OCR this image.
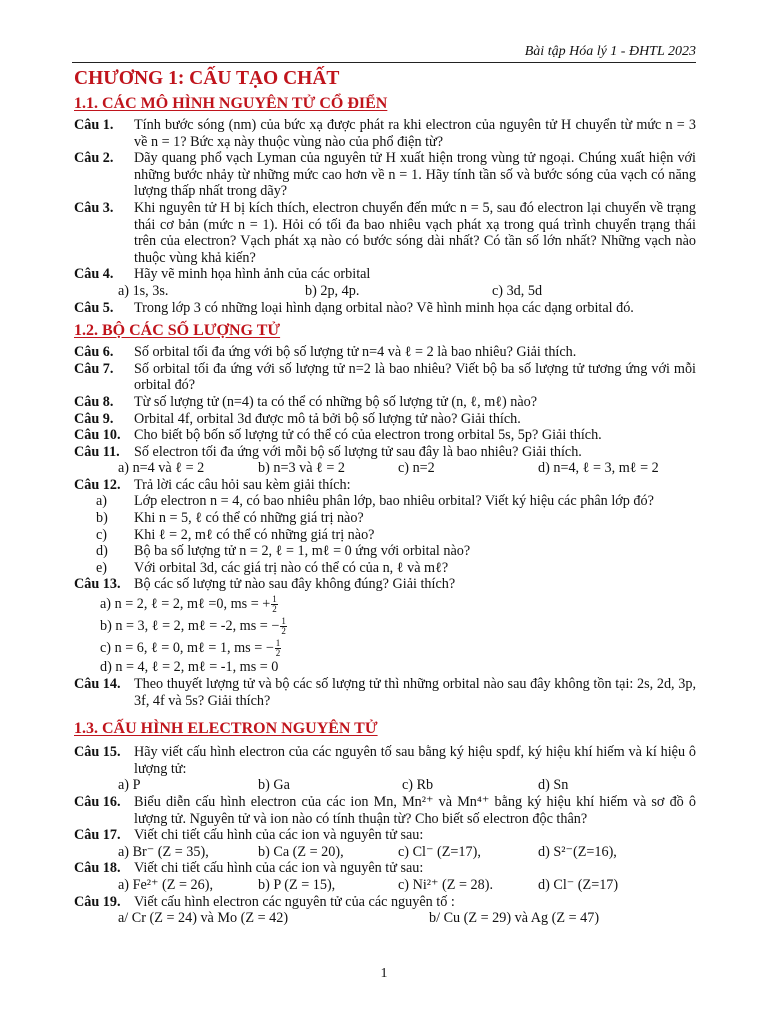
Bài tập Hóa lý 1 - ĐHTL 2023
CHƯƠNG 1: CẤU TẠO CHẤT
1.1. CÁC MÔ HÌNH NGUYÊN TỬ CỔ ĐIỂN
Câu 1.	Tính bước sóng (nm) của bức xạ được phát ra khi electron của nguyên tử H chuyển từ mức n = 3 về n = 1? Bức xạ này thuộc vùng nào của phổ điện từ?
Câu 2.	Dãy quang phổ vạch Lyman của nguyên tử H xuất hiện trong vùng tử ngoại. Chúng xuất hiện với những bước nhảy từ những mức cao hơn về n = 1. Hãy tính tần số và bước sóng của vạch có năng lượng thấp nhất trong dãy?
Câu 3.	Khi nguyên tử H bị kích thích, electron chuyển đến mức n = 5, sau đó electron lại chuyển về trạng thái cơ bản (mức n = 1). Hỏi có tối đa bao nhiêu vạch phát xạ trong quá trình chuyển trạng thái trên của electron? Vạch phát xạ nào có bước sóng dài nhất? Có tần số lớn nhất? Những vạch nào thuộc vùng khả kiến?
Câu 4.	Hãy vẽ minh họa hình ảnh của các orbital
a) 1s, 3s.	b) 2p, 4p.	c) 3d, 5d
Câu 5.	Trong lớp 3 có những loại hình dạng orbital nào? Vẽ hình minh họa các dạng orbital đó.
1.2. BỘ CÁC SỐ LƯỢNG TỬ
Câu 6.	Số orbital tối đa ứng với bộ số lượng tử n=4 và ℓ = 2 là bao nhiêu? Giải thích.
Câu 7.	Số orbital tối đa ứng với số lượng tử n=2 là bao nhiêu? Viết bộ ba số lượng tử tương ứng với mỗi orbital đó?
Câu 8.	Từ số lượng tử (n=4) ta có thể có những bộ số lượng tử (n, ℓ, mℓ) nào?
Câu 9.	Orbital 4f, orbital 3d được mô tả bởi bộ số lượng tử nào? Giải thích.
Câu 10. Cho biết bộ bốn số lượng tử có thể có của electron trong orbital 5s, 5p? Giải thích.
Câu 11.	Số electron tối đa ứng với mỗi bộ số lượng tử sau đây là bao nhiêu? Giải thích.
a) n=4 và ℓ = 2	b) n=3 và ℓ = 2	c) n=2	d) n=4, ℓ = 3, mℓ = 2
Câu 12. Trả lời các câu hỏi sau kèm giải thích:
a)	Lớp electron n = 4, có bao nhiêu phân lớp, bao nhiêu orbital? Viết ký hiệu các phân lớp đó?
b)	Khi n = 5, ℓ có thể có những giá trị nào?
c)	Khi ℓ = 2, mℓ có thể có những giá trị nào?
d)	Bộ ba số lượng tử n = 2, ℓ = 1, mℓ = 0 ứng với orbital nào?
e)	Với orbital 3d, các giá trị nào có thể có của n, ℓ và mℓ?
Câu 13. Bộ các số lượng tử nào sau đây không đúng? Giải thích?
a) n = 2, ℓ = 2, mℓ =0, ms = + $\frac{1}{2}$
b) n = 3, ℓ = 2, mℓ = -2, ms = − $\frac{1}{2}$
c) n = 6, ℓ = 0, mℓ = 1, ms = − $\frac{1}{2}$
d) n = 4, ℓ = 2, mℓ = -1, ms = 0
Câu 14. Theo thuyết lượng tử và bộ các số lượng tử thì những orbital nào sau đây không tồn tại: 2s, 2d, 3p, 3f, 4f và 5s? Giải thích?
1.3. CẤU HÌNH ELECTRON NGUYÊN TỬ
Câu 15. Hãy viết cấu hình electron của các nguyên tố sau bằng ký hiệu spdf, ký hiệu khí hiếm và kí hiệu ô lượng tử:
a) P	b) Ga	c) Rb	d) Sn
Câu 16. Biểu diễn cấu hình electron của các ion Mn, Mn²⁺ và Mn⁴⁺ bằng ký hiệu khí hiếm và sơ đồ ô lượng tử. Nguyên tử và ion nào có tính thuận từ? Cho biết số electron độc thân?
Câu 17. Viết chi tiết cấu hình của các ion và nguyên tử sau:
a) Br⁻ (Z = 35),	b) Ca (Z = 20),	c) Cl⁻ (Z=17),	d) S²⁻(Z=16),
Câu 18. Viết chi tiết cấu hình của các ion và nguyên tử sau:
a) Fe²⁺ (Z = 26),	b) P (Z = 15),	c) Ni²⁺ (Z = 28).	d) Cl⁻ (Z=17)
Câu 19. Viết cấu hình electron các nguyên tử của các nguyên tố :
a/ Cr (Z = 24) và Mo (Z = 42)	b/ Cu (Z = 29) và Ag (Z = 47)
1
